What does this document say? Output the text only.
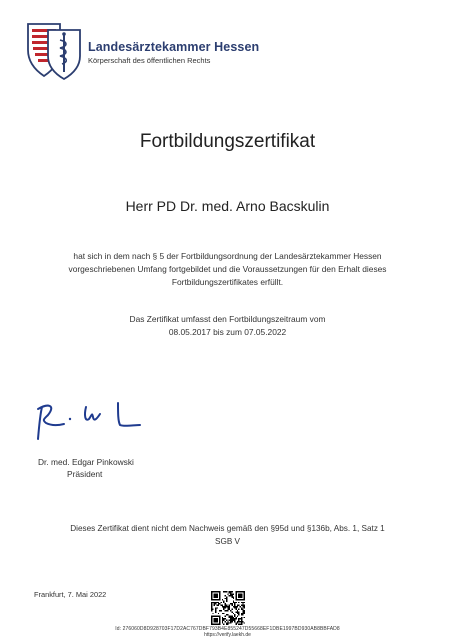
Landesärztekammer Hessen
Körperschaft des öffentlichen Rechts
Fortbildungszertifikat
Herr PD Dr. med. Arno Bacskulin
hat sich in dem nach § 5 der Fortbildungsordnung der Landesärztekammer Hessen
vorgeschriebenen Umfang fortgebildet und die Voraussetzungen für den Erhalt dieses
Fortbildungszertifikates erfüllt.
Das Zertifikat umfasst den Fortbildungszeitraum vom
08.05.2017 bis zum 07.05.2022
Dr. med. Edgar Pinkowski
Präsident
Dieses Zertifikat dient nicht dem Nachweis gemäß den §95d und §136b, Abs. 1, Satz 1
SGB V
Frankfurt, 7. Mai 2022
Id: 276060D8D928703F17D2AC767DBF793B4E855247D55668EF1DBE1997BD930AB8BBFAD8
https://verify.laekh.de
